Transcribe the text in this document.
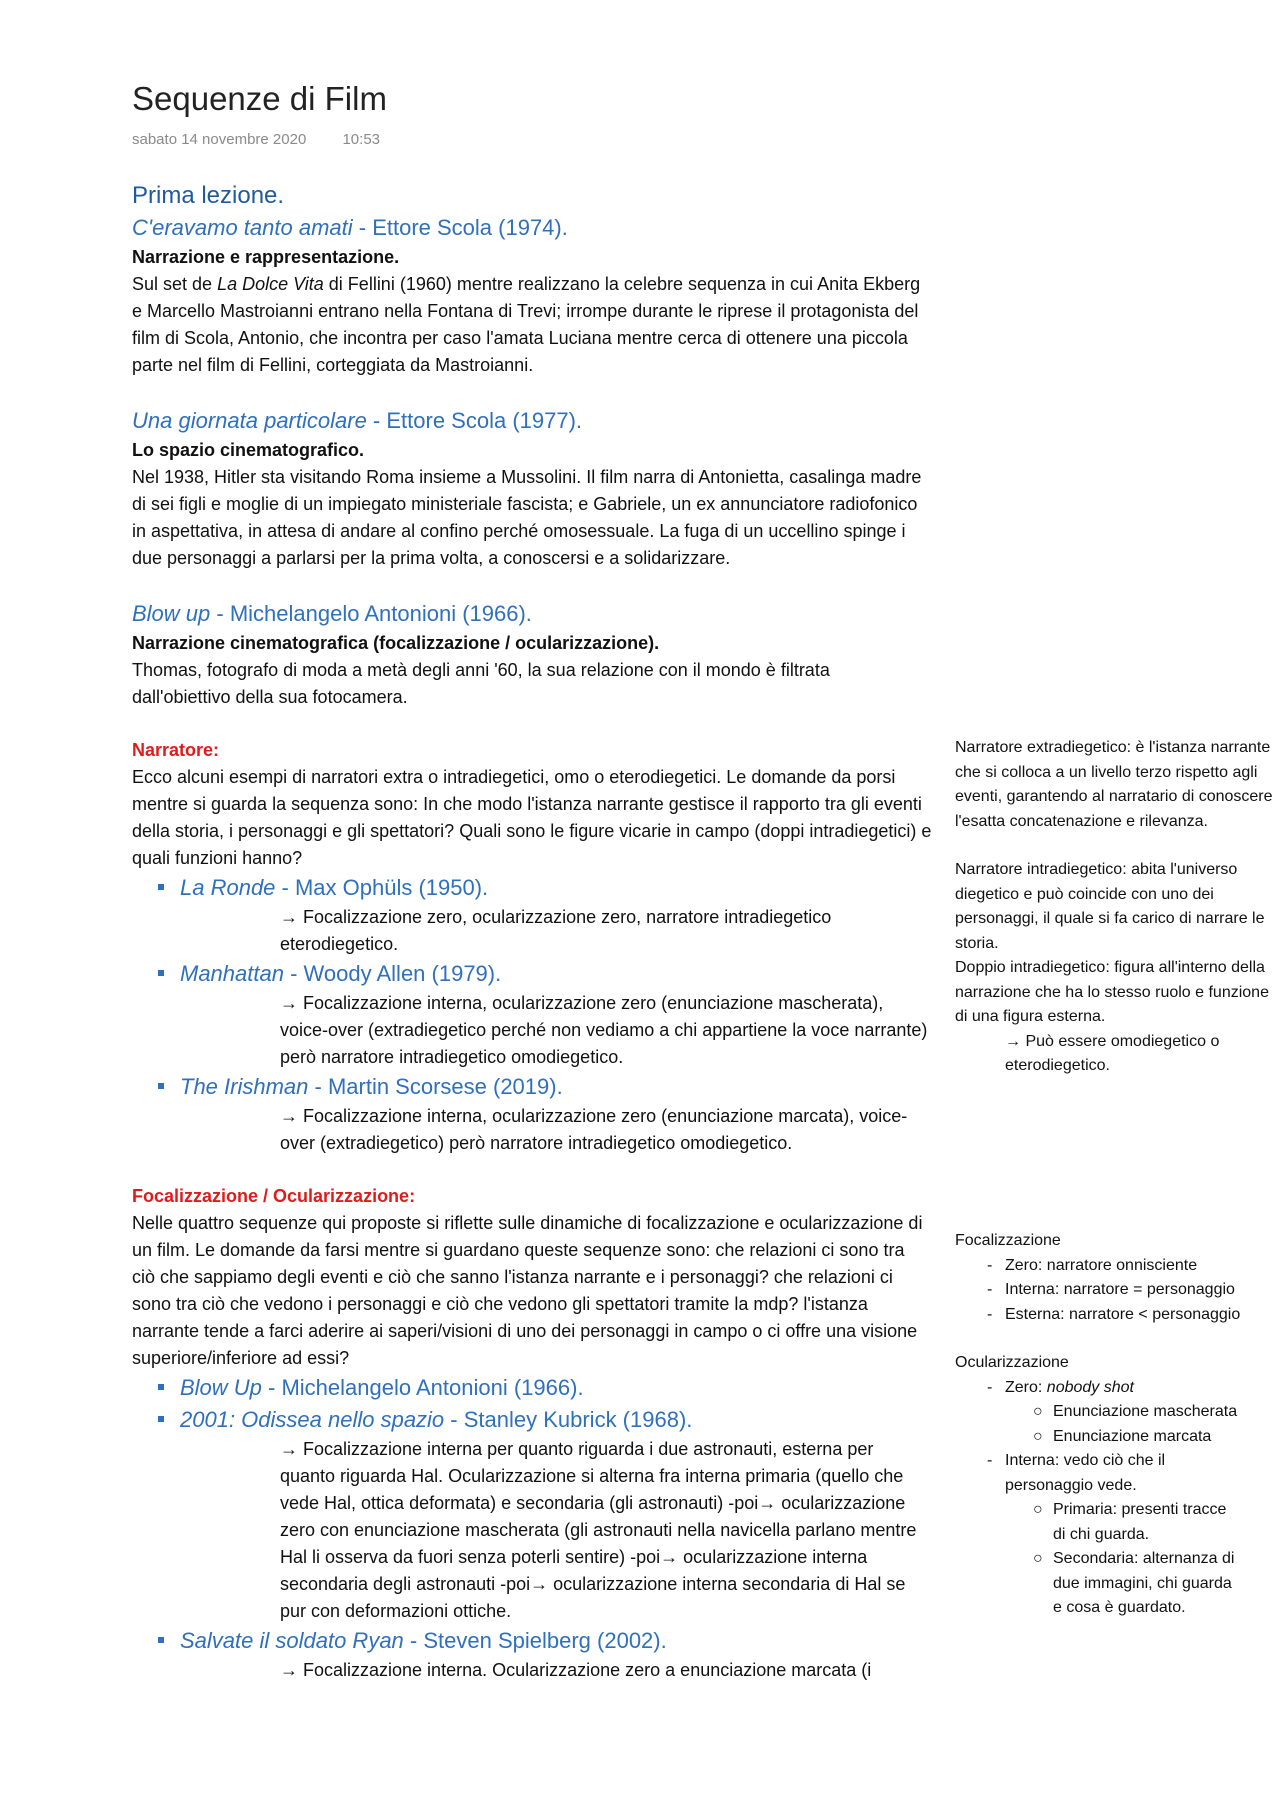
Sequenze di Film
sabato 14 novembre 2020 10:53
Prima lezione.
C'eravamo tanto amati - Ettore Scola (1974).
Narrazione e rappresentazione.
Sul set de La Dolce Vita di Fellini (1960) mentre realizzano la celebre sequenza in cui Anita Ekberg e Marcello Mastroianni entrano nella Fontana di Trevi; irrompe durante le riprese il protagonista del film di Scola, Antonio, che incontra per caso l'amata Luciana mentre cerca di ottenere una piccola parte nel film di Fellini, corteggiata da Mastroianni.
Una giornata particolare - Ettore Scola (1977).
Lo spazio cinematografico.
Nel 1938, Hitler sta visitando Roma insieme a Mussolini. Il film narra di Antonietta, casalinga madre di sei figli e moglie di un impiegato ministeriale fascista; e Gabriele, un ex annunciatore radiofonico in aspettativa, in attesa di andare al confino perché omosessuale. La fuga di un uccellino spinge i due personaggi a parlarsi per la prima volta, a conoscersi e a solidarizzare.
Blow up - Michelangelo Antonioni (1966).
Narrazione cinematografica (focalizzazione / ocularizzazione).
Thomas, fotografo di moda a metà degli anni '60, la sua relazione con il mondo è filtrata dall'obiettivo della sua fotocamera.
Narratore:
Ecco alcuni esempi di narratori extra o intradiegetici, omo o eterodiegetici. Le domande da porsi mentre si guarda la sequenza sono: In che modo l'istanza narrante gestisce il rapporto tra gli eventi della storia, i personaggi e gli spettatori? Quali sono le figure vicarie in campo (doppi intradiegetici) e quali funzioni hanno?
La Ronde - Max Ophüls (1950).
→ Focalizzazione zero, ocularizzazione zero, narratore intradiegetico eterodiegetico.
Manhattan - Woody Allen (1979).
→ Focalizzazione interna, ocularizzazione zero (enunciazione mascherata), voice-over (extradiegetico perché non vediamo a chi appartiene la voce narrante) però narratore intradiegetico omodiegetico.
The Irishman - Martin Scorsese (2019).
→ Focalizzazione interna, ocularizzazione zero (enunciazione marcata), voice-over (extradiegetico) però narratore intradiegetico omodiegetico.
Focalizzazione / Ocularizzazione:
Nelle quattro sequenze qui proposte si riflette sulle dinamiche di focalizzazione e ocularizzazione di un film. Le domande da farsi mentre si guardano queste sequenze sono: che relazioni ci sono tra ciò che sappiamo degli eventi e ciò che sanno l'istanza narrante e i personaggi? che relazioni ci sono tra ciò che vedono i personaggi e ciò che vedono gli spettatori tramite la mdp? l'istanza narrante tende a farci aderire ai saperi/visioni di uno dei personaggi in campo o ci offre una visione superiore/inferiore ad essi?
Blow Up - Michelangelo Antonioni (1966).
2001: Odissea nello spazio - Stanley Kubrick (1968).
→ Focalizzazione interna per quanto riguarda i due astronauti, esterna per quanto riguarda Hal. Ocularizzazione si alterna fra interna primaria (quello che vede Hal, ottica deformata) e secondaria (gli astronauti) -poi→ ocularizzazione zero con enunciazione mascherata (gli astronauti nella navicella parlano mentre Hal li osserva da fuori senza poterli sentire) -poi→ ocularizzazione interna secondaria degli astronauti -poi→ ocularizzazione interna secondaria di Hal se pur con deformazioni ottiche.
Salvate il soldato Ryan - Steven Spielberg (2002).
→ Focalizzazione interna. Ocularizzazione zero a enunciazione marcata (i
Narratore extradiegetico: è l'istanza narrante che si colloca a un livello terzo rispetto agli eventi, garantendo al narratario di conoscere l'esatta concatenazione e rilevanza.
Narratore intradiegetico: abita l'universo diegetico e può coincide con uno dei personaggi, il quale si fa carico di narrare le storia.
Doppio intradiegetico: figura all'interno della narrazione che ha lo stesso ruolo e funzione di una figura esterna.
→ Può essere omodiegetico o eterodiegetico.
Focalizzazione
- Zero: narratore onnisciente
- Interna: narratore = personaggio
- Esterna: narratore < personaggio
Ocularizzazione
- Zero: nobody shot
○ Enunciazione mascherata
○ Enunciazione marcata
- Interna: vedo ciò che il
personaggio vede.
○ Primaria: presenti tracce
di chi guarda.
○ Secondaria: alternanza di
due immagini, chi guarda
e cosa è guardato.
